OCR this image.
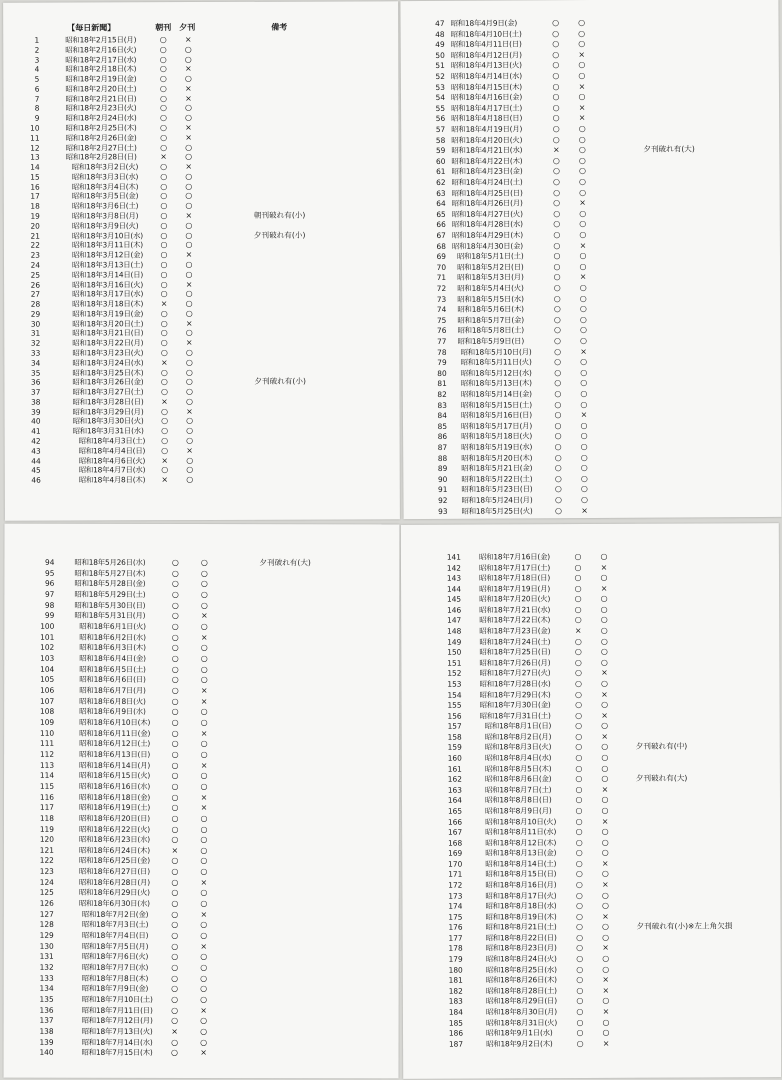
【毎日新聞】	朝刊 夕刊	備考
1	昭和18年2月15日(月)	○ ×
2	昭和18年2月16日(火)	○ ○
3	昭和18年2月17日(水)	○ ○
4	昭和18年2月18日(木)	○ ×
5	昭和18年2月19日(金)	○ ○
6	昭和18年2月20日(土)	○ ×
7	昭和18年2月21日(日)	○ ×
8	昭和18年2月23日(火)	○ ○
9	昭和18年2月24日(水)	○ ○
10	昭和18年2月25日(木)	○ ×
11	昭和18年2月26日(金)	○ ×
12	昭和18年2月27日(土)	○ ○
13	昭和18年2月28日(日)	× ○
14	昭和18年3月2日(火)	○ ×
15	昭和18年3月3日(水)	○ ○
16	昭和18年3月4日(木)	○ ○
17	昭和18年3月5日(金)	○ ○
18	昭和18年3月6日(土)	○ ○
19	昭和18年3月8日(月)	○ ×	朝刊破れ有(小)
20	昭和18年3月9日(火)	○ ○
21	昭和18年3月10日(水) ○ ○	夕刊破れ有(小)
22	昭和18年3月11日(木) ○ ○
23	昭和18年3月12日(金) ○ ×
24	昭和18年3月13日(土) ○ ○
25	昭和18年3月14日(日) ○ ○
26	昭和18年3月16日(火) ○ ×
27	昭和18年3月17日(水) ○ ○
28	昭和18年3月18日(木) × ○
29	昭和18年3月19日(金) ○ ○
30	昭和18年3月20日(土) ○ ×
31	昭和18年3月21日(日) ○ ○
32	昭和18年3月22日(月) ○ ×
33	昭和18年3月23日(火) ○ ○
34	昭和18年3月24日(水) × ○
35	昭和18年3月25日(木) ○ ○
36	昭和18年3月26日(金) ○ ○	夕刊破れ有(小)
37	昭和18年3月27日(土) ○ ○
38	昭和18年3月28日(日) × ○
39	昭和18年3月29日(月) ○ ×
40	昭和18年3月30日(火) ○ ○
41	昭和18年3月31日(水) ○ ○
42	昭和18年4月3日(土) ○ ○
43	昭和18年4月4日(日) ○ ×
44	昭和18年4月6日(火) × ○
45	昭和18年4月7日(水) ○ ○
46	昭和18年4月8日(木) × ○
47 昭和18年4月9日(金)	○ ○
48 昭和18年4月10日(土)	○ ○
49 昭和18年4月11日(日)	○ ○
50 昭和18年4月12日(月)	○ ×
51 昭和18年4月13日(火)	○ ○
52 昭和18年4月14日(水)	○ ○
53 昭和18年4月15日(木)	○ ×
54 昭和18年4月16日(金)	○ ○
55 昭和18年4月17日(土)	○ ×
56 昭和18年4月18日(日)	○ ×
57 昭和18年4月19日(月)	○ ○
58 昭和18年4月20日(火)	○ ○
59 昭和18年4月21日(水)	× ○	夕刊破れ有(大)
60 昭和18年4月22日(木)	○ ○
61 昭和18年4月23日(金)	○ ○
62 昭和18年4月24日(土)	○ ○
63 昭和18年4月25日(日)	○ ○
64 昭和18年4月26日(月)	○ ×
65 昭和18年4月27日(火)	○ ○
66 昭和18年4月28日(水)	○ ○
67 昭和18年4月29日(木)	○ ○
68 昭和18年4月30日(金)	○ ×
69 昭和18年5月1日(土)	○ ○
70 昭和18年5月2日(日)	○ ○
71 昭和18年5月3日(月)	○ ×
72 昭和18年5月4日(火)	○ ○
73 昭和18年5月5日(水)	○ ○
74 昭和18年5月6日(木)	○ ○
75 昭和18年5月7日(金)	○ ○
76 昭和18年5月8日(土)	○ ○
77 昭和18年5月9日(日)	○ ○
78 昭和18年5月10日(月)	○ ×
79 昭和18年5月11日(火)	○ ○
80 昭和18年5月12日(水)	○ ○
81 昭和18年5月13日(木)	○ ○
82 昭和18年5月14日(金)	○ ○
83 昭和18年5月15日(土)	○ ○
84 昭和18年5月16日(日)	○ ×
85 昭和18年5月17日(月)	○ ○
86 昭和18年5月18日(火)	○ ○
87 昭和18年5月19日(水)	○ ○
88 昭和18年5月20日(木)	○ ○
89 昭和18年5月21日(金)	○ ○
90 昭和18年5月22日(土)	○ ○
91 昭和18年5月23日(日)	○ ○
92 昭和18年5月24日(月)	○ ○
93 昭和18年5月25日(火)	○ ×
94	昭和18年5月26日(水)	○	○	夕刊破れ有(大)
95	昭和18年5月27日(木)	○	○
96	昭和18年5月28日(金)	○	○
97	昭和18年5月29日(土)	○	○
98	昭和18年5月30日(日)	○	○
99	昭和18年5月31日(月)	○	×
100	昭和18年6月1日(火)	○	○
101	昭和18年6月2日(水)	○	×
102	昭和18年6月3日(木)	○	○
103	昭和18年6月4日(金)	○	○
104	昭和18年6月5日(土)	○	○
105	昭和18年6月6日(日)	○	○
106	昭和18年6月7日(月)	○	×
107	昭和18年6月8日(火)	○	×
108	昭和18年6月9日(水)	○	○
109	昭和18年6月10日(木)	○	○
110	昭和18年6月11日(金)	○	×
111	昭和18年6月12日(土)	○	○
112	昭和18年6月13日(日)	○	○
113	昭和18年6月14日(月)	○	×
114	昭和18年6月15日(火)	○	○
115	昭和18年6月16日(水)	○	○
116	昭和18年6月18日(金)	○	×
117	昭和18年6月19日(土)	○	×
118	昭和18年6月20日(日)	○	○
119	昭和18年6月22日(火)	○	○
120	昭和18年6月23日(水)	○	○
121	昭和18年6月24日(木)	×	○
122	昭和18年6月25日(金)	○	○
123	昭和18年6月27日(日)	○	○
124	昭和18年6月28日(月)	○	×
125	昭和18年6月29日(火)	○	○
126	昭和18年6月30日(水)	○	○
127	昭和18年7月2日(金)	○	×
128	昭和18年7月3日(土)	○	○
129	昭和18年7月4日(日)	○	○
130	昭和18年7月5日(月)	○	×
131	昭和18年7月6日(火)	○	○
132	昭和18年7月7日(水)	○	○
133	昭和18年7月8日(木)	○	○
134	昭和18年7月9日(金)	○	○
135	昭和18年7月10日(土) ○	○
136	昭和18年7月11日(日) ○	×
137	昭和18年7月12日(月) ○	○
138	昭和18年7月13日(火) ×	○
139	昭和18年7月14日(水) ○	○
140	昭和18年7月15日(木) ○	×
141 昭和18年7月16日(金)	○ ○
142 昭和18年7月17日(土)	○ ×
143 昭和18年7月18日(日)	○ ○
144 昭和18年7月19日(月)	○ ×
145 昭和18年7月20日(火)	○ ○
146 昭和18年7月21日(水)	○ ○
147 昭和18年7月22日(木)	○ ○
148 昭和18年7月23日(金)	× ○
149 昭和18年7月24日(土)	○ ○
150 昭和18年7月25日(日)	○ ○
151 昭和18年7月26日(月)	○ ○
152 昭和18年7月27日(火)	○ ×
153 昭和18年7月28日(水)	○ ○
154 昭和18年7月29日(木)	○ ×
155 昭和18年7月30日(金)	○ ○
156 昭和18年7月31日(土)	○ ×
157	昭和18年8月1日(日)	○ ○
158	昭和18年8月2日(月)	○ ×
159	昭和18年8月3日(火)	○ ○	夕刊破れ有(中)
160	昭和18年8月4日(水)	○ ○
161	昭和18年8月5日(木)	○ ○
162	昭和18年8月6日(金)	○ ○	夕刊破れ有(大)
163	昭和18年8月7日(土)	○ ×
164	昭和18年8月8日(日)	○ ○
165	昭和18年8月9日(月)	○ ○
166	昭和18年8月10日(火) ○ ×
167	昭和18年8月11日(水) ○ ○
168	昭和18年8月12日(木) ○ ○
169	昭和18年8月13日(金) ○ ○
170	昭和18年8月14日(土) ○ ×
171	昭和18年8月15日(日) ○ ○
172	昭和18年8月16日(月) ○ ×
173	昭和18年8月17日(火) ○ ○
174	昭和18年8月18日(水) ○ ○
175	昭和18年8月19日(木) ○ ×
176	昭和18年8月21日(土) ○ ○	夕刊破れ有(小)※左上角欠損
177	昭和18年8月22日(日) ○ ○
178	昭和18年8月23日(月) ○ ×
179	昭和18年8月24日(火) ○ ○
180	昭和18年8月25日(水) ○ ○
181	昭和18年8月26日(木) ○ ×
182	昭和18年8月28日(土) ○ ×
183	昭和18年8月29日(日) ○ ○
184	昭和18年8月30日(月) ○ ×
185	昭和18年8月31日(火) ○ ○
186	昭和18年9月1日(水)	○ ○
187	昭和18年9月2日(木)	○ ×
